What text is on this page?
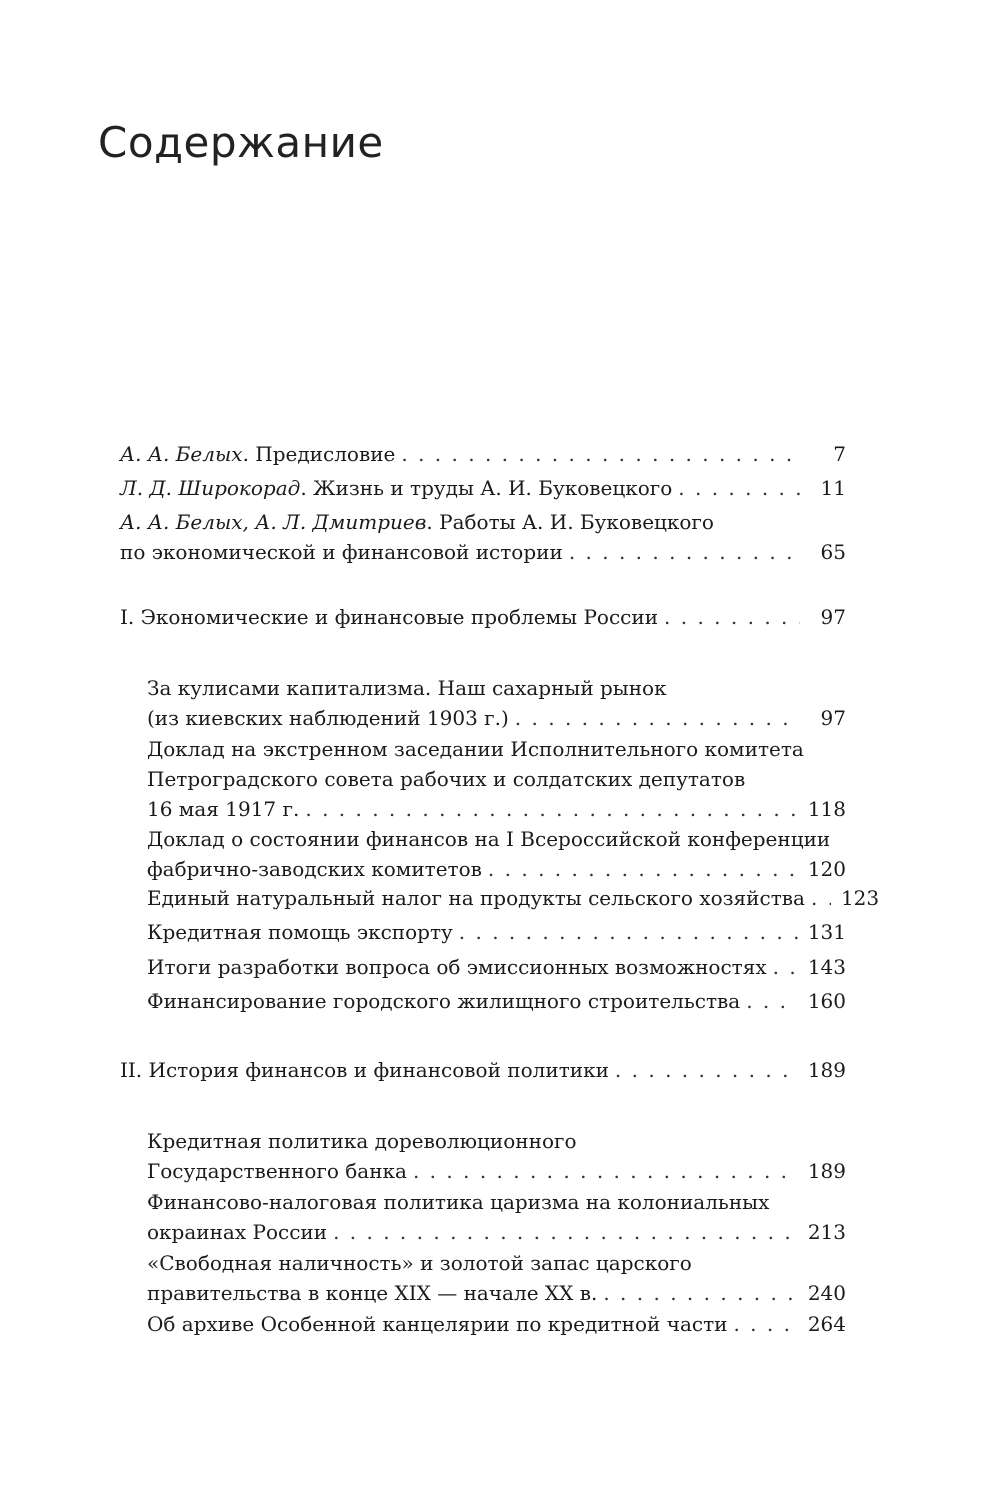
Содержание
А. А. Белых. Предисловие . . .	7
Л. Д. Широкорад. Жизнь и труды А. И. Буковецкого . . .	11
А. А. Белых, А. Л. Дмитриев. Работы А. И. Буковецкого
по экономической и финансовой истории . . .	65
I. Экономические и финансовые проблемы России . . .	97
За кулисами капитализма. Наш сахарный рынок
(из киевских наблюдений 1903 г.) . . .	97
Доклад на экстренном заседании Исполнительного комитета
Петроградского совета рабочих и солдатских депутатов
16 мая 1917 г. . . .	118
Доклад о состоянии финансов на I Всероссийской конференции
фабрично-заводских комитетов . . .	120
Единый натуральный налог на продукты сельского хозяйства . . . 123
Кредитная помощь экспорту . . .	131
Итоги разработки вопроса об эмиссионных возможностях . . . 143
Финансирование городского жилищного строительства . . .	160
II. История финансов и финансовой политики . . .	189
Кредитная политика дореволюционного
Государственного банка . . .	189
Финансово-налоговая политика царизма на колониальных
окраинах России . . .	213
«Свободная наличность» и золотой запас царского
правительства в конце XIX — начале XX в. . . .	240
Об архиве Особенной канцелярии по кредитной части . . .	264
